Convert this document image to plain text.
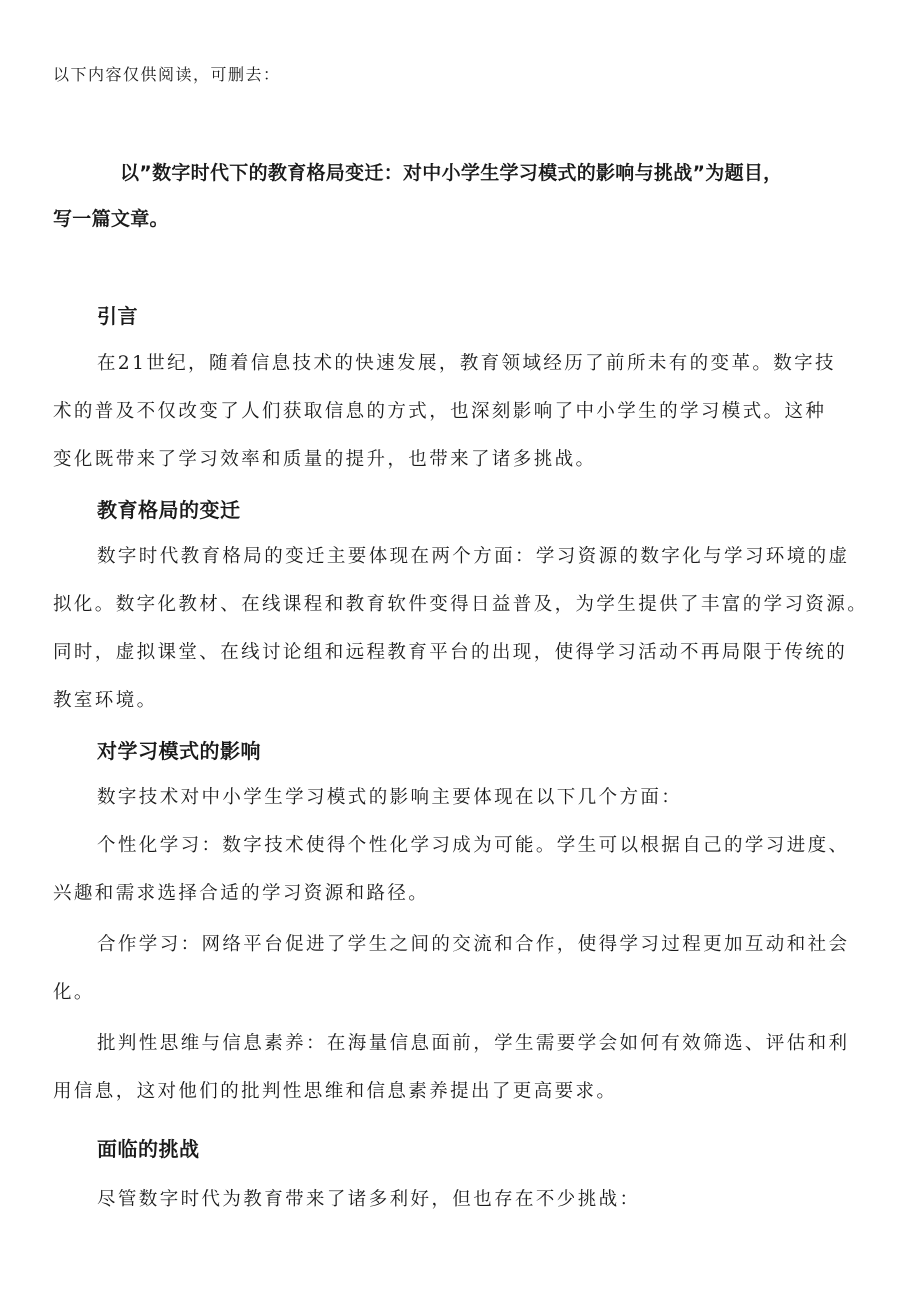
以下内容仅供阅读，可删去：

以”数字时代下的教育格局变迁：对中小学生学习模式的影响与挑战”为题目，

写一篇文章。

引言

在21世纪，随着信息技术的快速发展，教育领域经历了前所未有的变革。数字技

术的普及不仅改变了人们获取信息的方式，也深刻影响了中小学生的学习模式。这种

变化既带来了学习效率和质量的提升，也带来了诸多挑战。

教育格局的变迁

数字时代教育格局的变迁主要体现在两个方面：学习资源的数字化与学习环境的虚

拟化。数字化教材、在线课程和教育软件变得日益普及，为学生提供了丰富的学习资源。

同时，虚拟课堂、在线讨论组和远程教育平台的出现，使得学习活动不再局限于传统的

教室环境。

对学习模式的影响

数字技术对中小学生学习模式的影响主要体现在以下几个方面：

个性化学习：数字技术使得个性化学习成为可能。学生可以根据自己的学习进度、

兴趣和需求选择合适的学习资源和路径。

合作学习：网络平台促进了学生之间的交流和合作，使得学习过程更加互动和社会

化。

批判性思维与信息素养：在海量信息面前，学生需要学会如何有效筛选、评估和利

用信息，这对他们的批判性思维和信息素养提出了更高要求。

面临的挑战

尽管数字时代为教育带来了诸多利好，但也存在不少挑战：
